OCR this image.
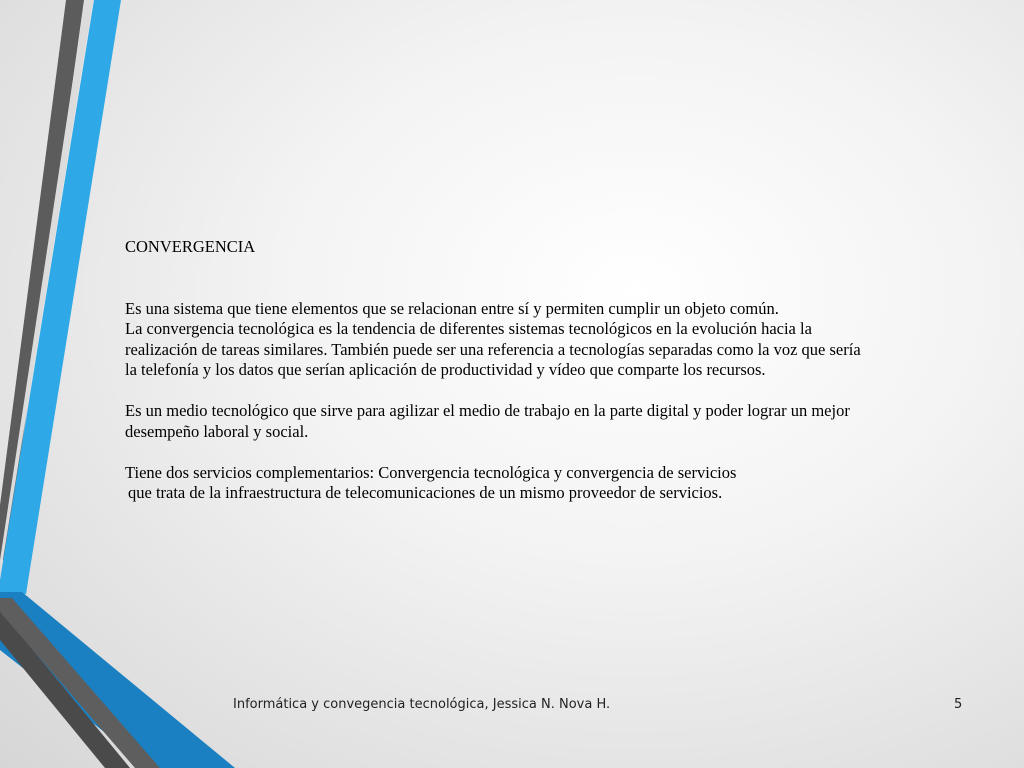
CONVERGENCIA

Es una sistema que tiene elementos que se relacionan entre sí y permiten cumplir un objeto común.

La convergencia tecnológica es la tendencia de diferentes sistemas tecnológicos en la evolución hacia la

realización de tareas similares. También puede ser una referencia a tecnologías separadas como la voz que sería

la telefonía y los datos que serían aplicación de productividad y vídeo que comparte los recursos.

Es un medio tecnológico que sirve para agilizar el medio de trabajo en la parte digital y poder lograr un mejor

desempeño laboral y social.

Tiene dos servicios complementarios: Convergencia tecnológica y convergencia de servicios

que trata de la infraestructura de telecomunicaciones de un mismo proveedor de servicios.

Informática y convegencia tecnológica, Jessica N. Nova H.	5
